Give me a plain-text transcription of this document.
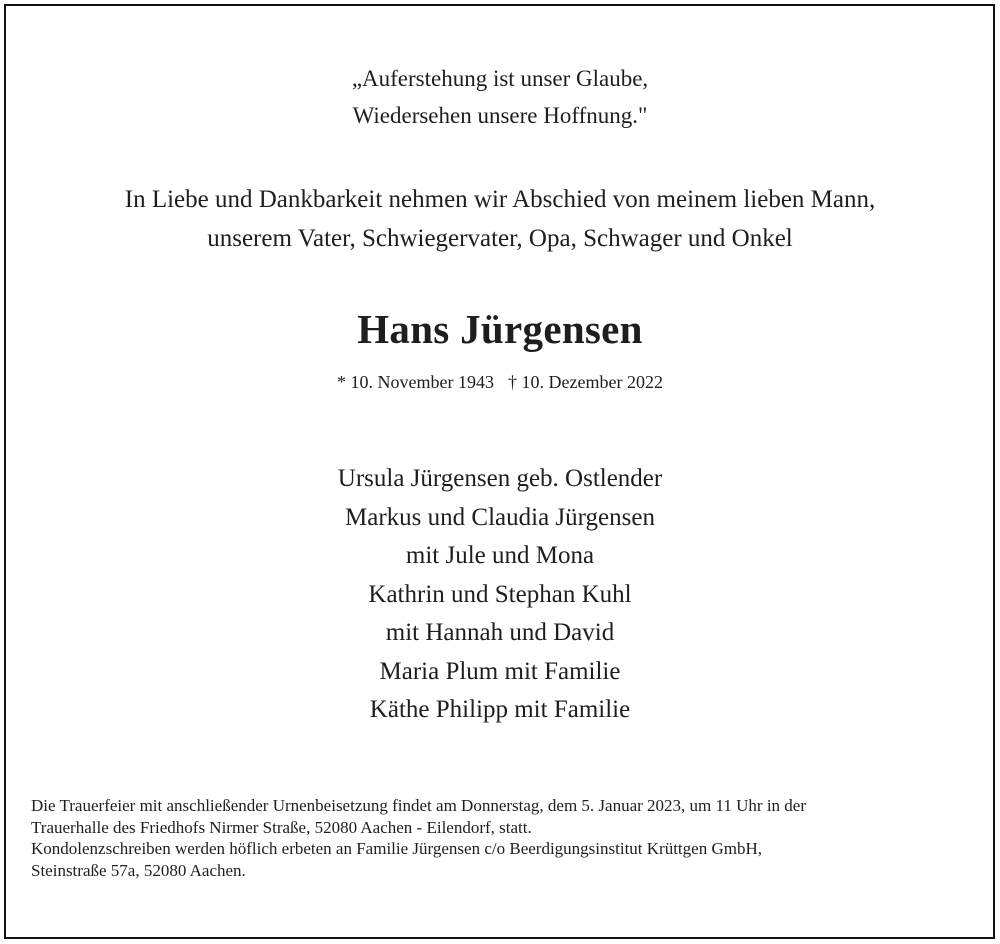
„Auferstehung ist unser Glaube,
Wiedersehen unsere Hoffnung."
In Liebe und Dankbarkeit nehmen wir Abschied von meinem lieben Mann,
unserem Vater, Schwiegervater, Opa, Schwager und Onkel
Hans Jürgensen
* 10. November 1943 † 10. Dezember 2022
Ursula Jürgensen geb. Ostlender
Markus und Claudia Jürgensen
mit Jule und Mona
Kathrin und Stephan Kuhl
mit Hannah und David
Maria Plum mit Familie
Käthe Philipp mit Familie
Die Trauerfeier mit anschließender Urnenbeisetzung findet am Donnerstag, dem 5. Januar 2023, um 11 Uhr in der
Trauerhalle des Friedhofs Nirmer Straße, 52080 Aachen - Eilendorf, statt.
Kondolenzschreiben werden höflich erbeten an Familie Jürgensen c/o Beerdigungsinstitut Krüttgen GmbH,
Steinstraße 57a, 52080 Aachen.
